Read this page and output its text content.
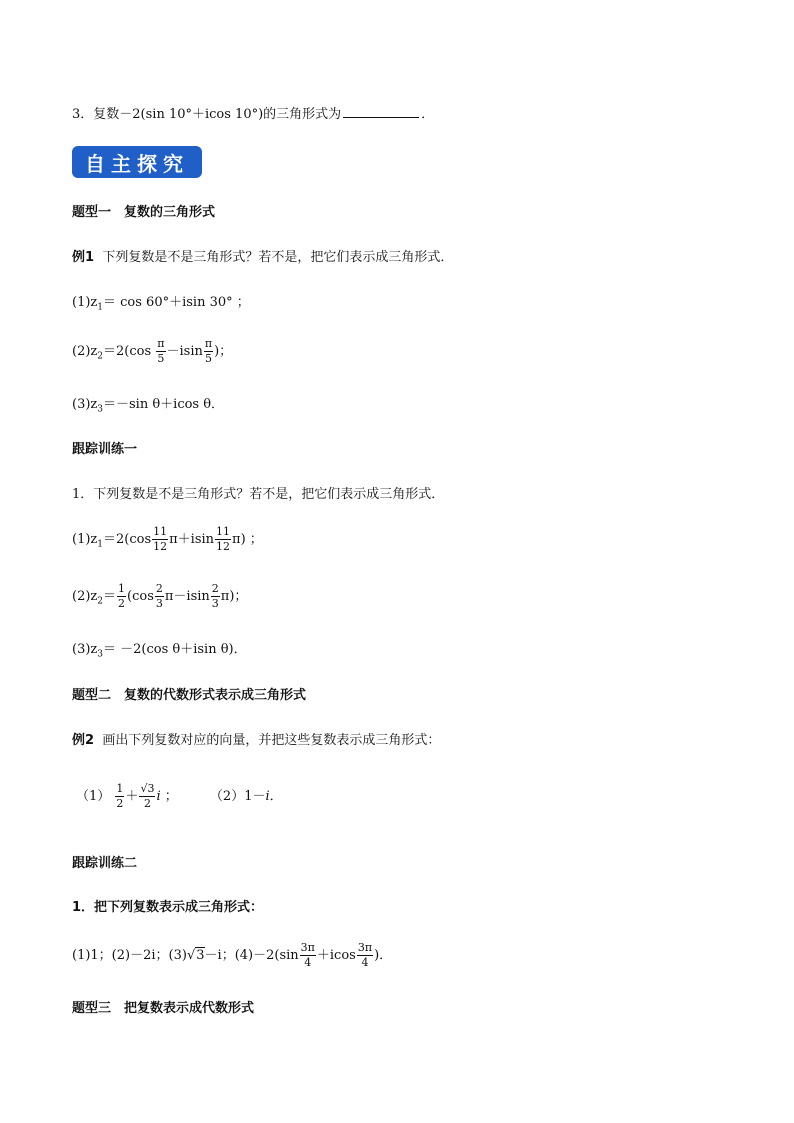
3．复数－2(sin 10°＋icos 10°)的三角形式为	．
自主探究
题型一　复数的三角形式
例1 下列复数是不是三角形式？若不是，把它们表示成三角形式．
$(1)z_1= \cos 60^\circ+isin$ 30° ；
$(2)z_2=2(\cos \frac{\pi}{5} -isin \frac{\pi}{5}$ )；
$(3)z_3=-\sin$ θ＋icos θ．
跟踪训练一
1．下列复数是不是三角形式？若不是，把它们表示成三角形式．
$(1)z_1=2(\cos \frac{11}{12} \pi+isin \frac{11}{12} \pi)$ ；
$(2)z_2= \frac{1}{2} (\cos \frac{2}{3} \pi-isin \frac{2}{3} \pi)$；
$(3)z_3= -2(\cos$ θ＋isin θ)．
题型二　复数的代数形式表示成三角形式
例2 画出下列复数对应的向量，并把这些复数表示成三角形式：
$(1) \frac{1}{2} + \frac{√3}{2}$ i ； （2）1－i．
跟踪训练二
1．把下列复数表示成三角形式：
(1)1；(2)－2i；(3)√3－i；$(4)-2(\sin \frac{3\pi}{4} +icos \frac{3\pi}{4}$ )．
题型三　把复数表示成代数形式
